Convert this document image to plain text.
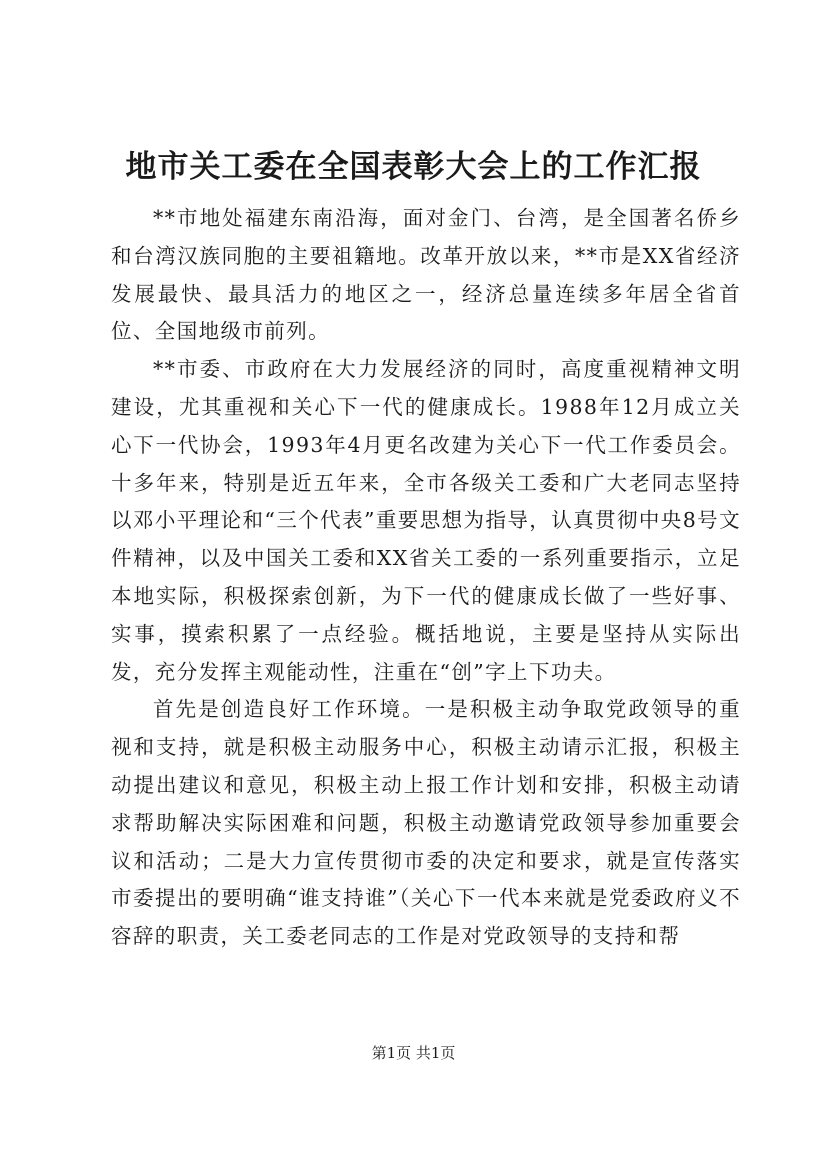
地市关工委在全国表彰大会上的工作汇报

**市地处福建东南沿海，面对金门、台湾，是全国著名侨乡和台湾汉族同胞的主要祖籍地。改革开放以来，**市是XX省经济发展最快、最具活力的地区之一，经济总量连续多年居全省首位、全国地级市前列。

**市委、市政府在大力发展经济的同时，高度重视精神文明建设，尤其重视和关心下一代的健康成长。1988年12月成立关心下一代协会，1993年4月更名改建为关心下一代工作委员会。十多年来，特别是近五年来，全市各级关工委和广大老同志坚持以邓小平理论和“三个代表”重要思想为指导，认真贯彻中央8号文件精神，以及中国关工委和XX省关工委的一系列重要指示，立足本地实际，积极探索创新，为下一代的健康成长做了一些好事、实事，摸索积累了一点经验。概括地说，主要是坚持从实际出发，充分发挥主观能动性，注重在“创”字上下功夫。

首先是创造良好工作环境。一是积极主动争取党政领导的重视和支持，就是积极主动服务中心，积极主动请示汇报，积极主动提出建议和意见，积极主动上报工作计划和安排，积极主动请求帮助解决实际困难和问题，积极主动邀请党政领导参加重要会议和活动；二是大力宣传贯彻市委的决定和要求，就是宣传落实市委提出的要明确“谁支持谁”（关心下一代本来就是党委政府义不容辞的职责，关工委老同志的工作是对党政领导的支持和帮

第1页 共1页
